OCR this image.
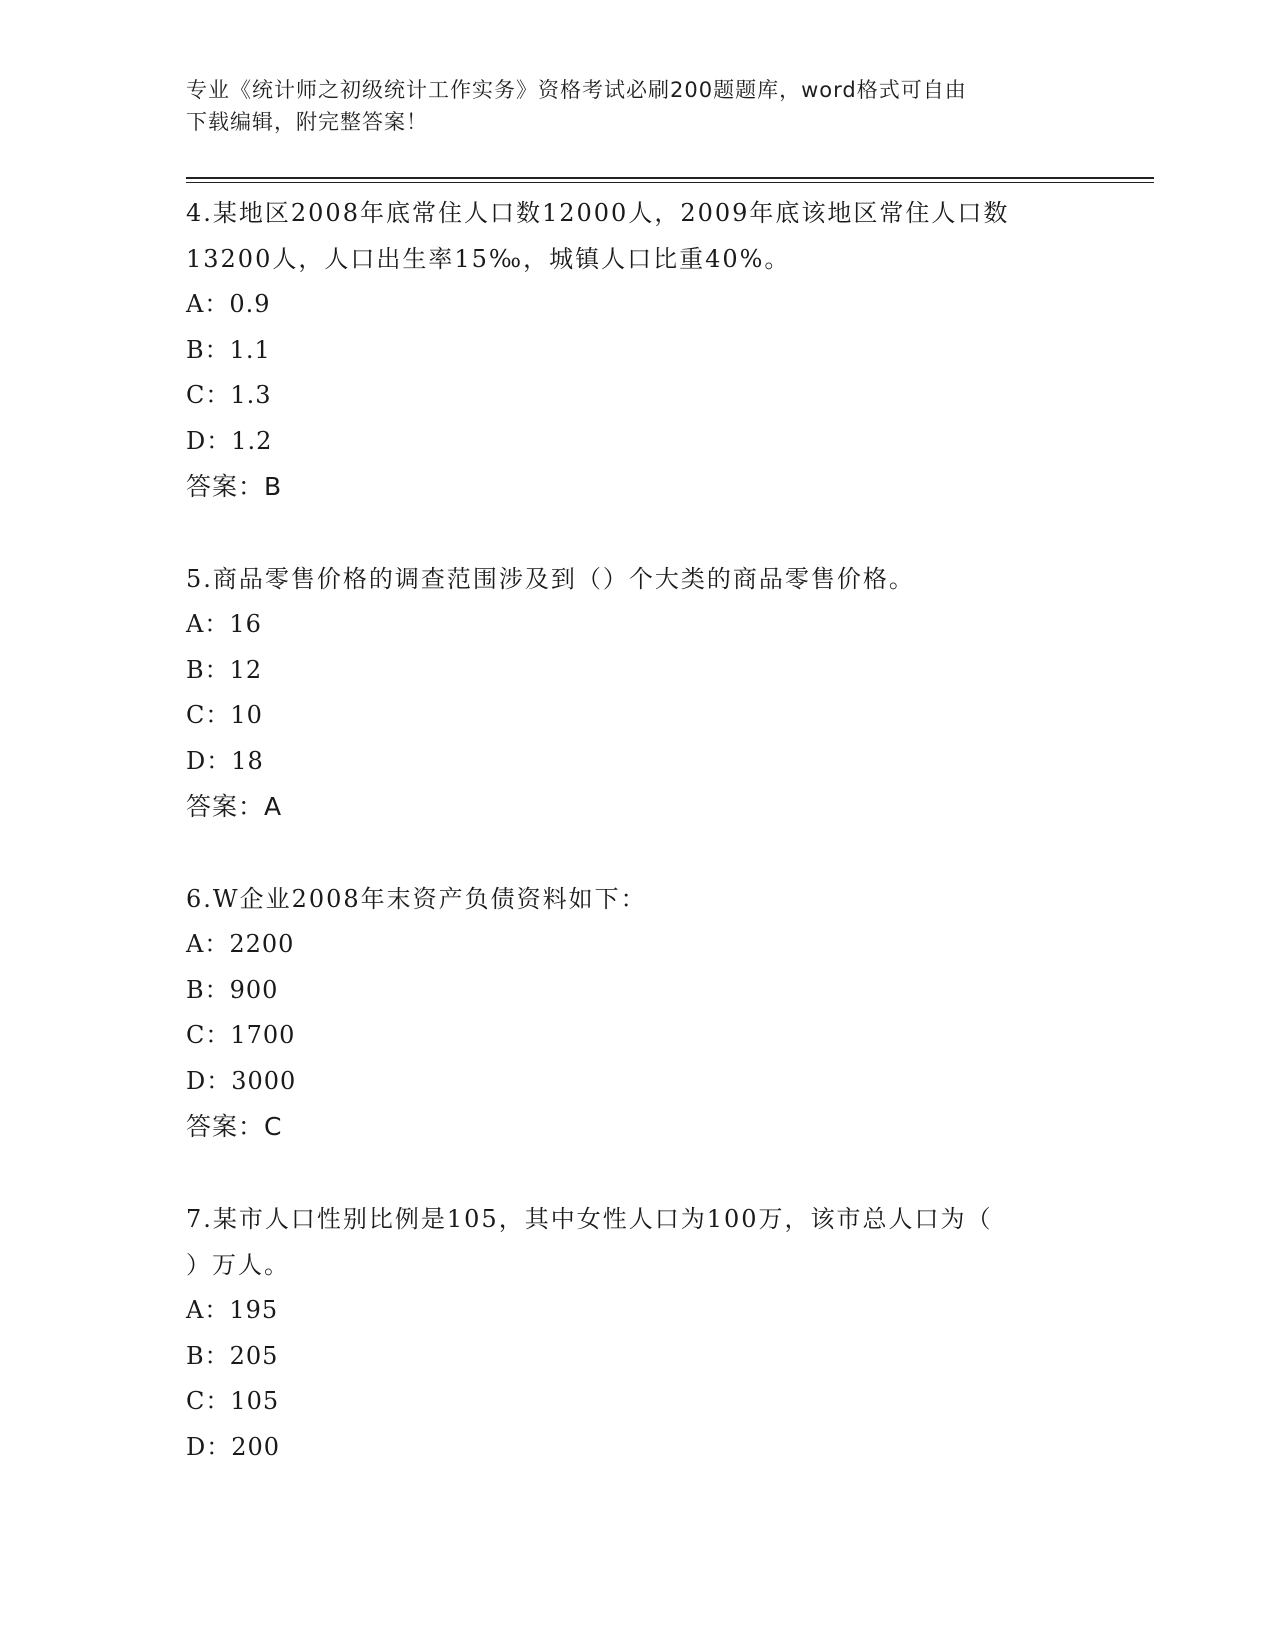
专业《统计师之初级统计工作实务》资格考试必刷200题题库，word格式可自由
下载编辑，附完整答案！
4.某地区2008年底常住人口数12000人，2009年底该地区常住人口数
13200人，人口出生率15‰，城镇人口比重40%。
A：0.9
B：1.1
C：1.3
D：1.2
答案：B
5.商品零售价格的调查范围涉及到（）个大类的商品零售价格。
A：16
B：12
C：10
D：18
答案：A
6.W企业2008年末资产负债资料如下：
A：2200
B：900
C：1700
D：3000
答案：C
7.某市人口性别比例是105，其中女性人口为100万，该市总人口为（
）万人。
A：195
B：205
C：105
D：200
